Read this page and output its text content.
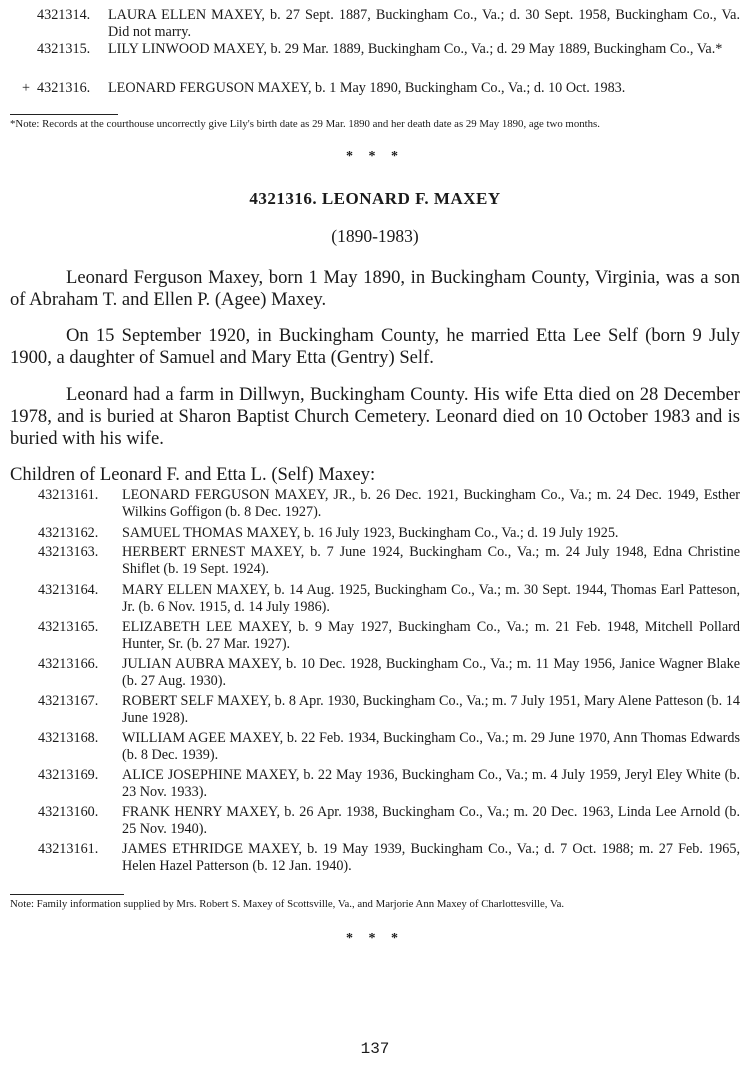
4321314.	LAURA ELLEN MAXEY, b. 27 Sept. 1887, Buckingham Co., Va.; d. 30 Sept. 1958, Buckingham Co., Va. Did not marry.
4321315.	LILY LINWOOD MAXEY, b. 29 Mar. 1889, Buckingham Co., Va.; d. 29 May 1889, Buckingham Co., Va.*
+ 4321316.	LEONARD FERGUSON MAXEY, b. 1 May 1890, Buckingham Co., Va.; d. 10 Oct. 1983.
*Note: Records at the courthouse uncorrectly give Lily's birth date as 29 Mar. 1890 and her death date as 29 May 1890, age two months.
* * *
4321316. LEONARD F. MAXEY
(1890-1983)
Leonard Ferguson Maxey, born 1 May 1890, in Buckingham County, Virginia, was a son of Abraham T. and Ellen P. (Agee) Maxey.
On 15 September 1920, in Buckingham County, he married Etta Lee Self (born 9 July 1900, a daughter of Samuel and Mary Etta (Gentry) Self.
Leonard had a farm in Dillwyn, Buckingham County. His wife Etta died on 28 December 1978, and is buried at Sharon Baptist Church Cemetery. Leonard died on 10 October 1983 and is buried with his wife.
Children of Leonard F. and Etta L. (Self) Maxey:
43213161.	LEONARD FERGUSON MAXEY, JR., b. 26 Dec. 1921, Buckingham Co., Va.; m. 24 Dec. 1949, Esther Wilkins Goffigon (b. 8 Dec. 1927).
43213162.	SAMUEL THOMAS MAXEY, b. 16 July 1923, Buckingham Co., Va.; d. 19 July 1925.
43213163.	HERBERT ERNEST MAXEY, b. 7 June 1924, Buckingham Co., Va.; m. 24 July 1948, Edna Christine Shiflet (b. 19 Sept. 1924).
43213164.	MARY ELLEN MAXEY, b. 14 Aug. 1925, Buckingham Co., Va.; m. 30 Sept. 1944, Thomas Earl Patteson, Jr. (b. 6 Nov. 1915, d. 14 July 1986).
43213165.	ELIZABETH LEE MAXEY, b. 9 May 1927, Buckingham Co., Va.; m. 21 Feb. 1948, Mitchell Pollard Hunter, Sr. (b. 27 Mar. 1927).
43213166.	JULIAN AUBRA MAXEY, b. 10 Dec. 1928, Buckingham Co., Va.; m. 11 May 1956, Janice Wagner Blake (b. 27 Aug. 1930).
43213167.	ROBERT SELF MAXEY, b. 8 Apr. 1930, Buckingham Co., Va.; m. 7 July 1951, Mary Alene Patteson (b. 14 June 1928).
43213168.	WILLIAM AGEE MAXEY, b. 22 Feb. 1934, Buckingham Co., Va.; m. 29 June 1970, Ann Thomas Edwards (b. 8 Dec. 1939).
43213169.	ALICE JOSEPHINE MAXEY, b. 22 May 1936, Buckingham Co., Va.; m. 4 July 1959, Jeryl Eley White (b. 23 Nov. 1933).
43213160.	FRANK HENRY MAXEY, b. 26 Apr. 1938, Buckingham Co., Va.; m. 20 Dec. 1963, Linda Lee Arnold (b. 25 Nov. 1940).
43213161.	JAMES ETHRIDGE MAXEY, b. 19 May 1939, Buckingham Co., Va.; d. 7 Oct. 1988; m. 27 Feb. 1965, Helen Hazel Patterson (b. 12 Jan. 1940).
Note: Family information supplied by Mrs. Robert S. Maxey of Scottsville, Va., and Marjorie Ann Maxey of Charlottesville, Va.
* * *
137
